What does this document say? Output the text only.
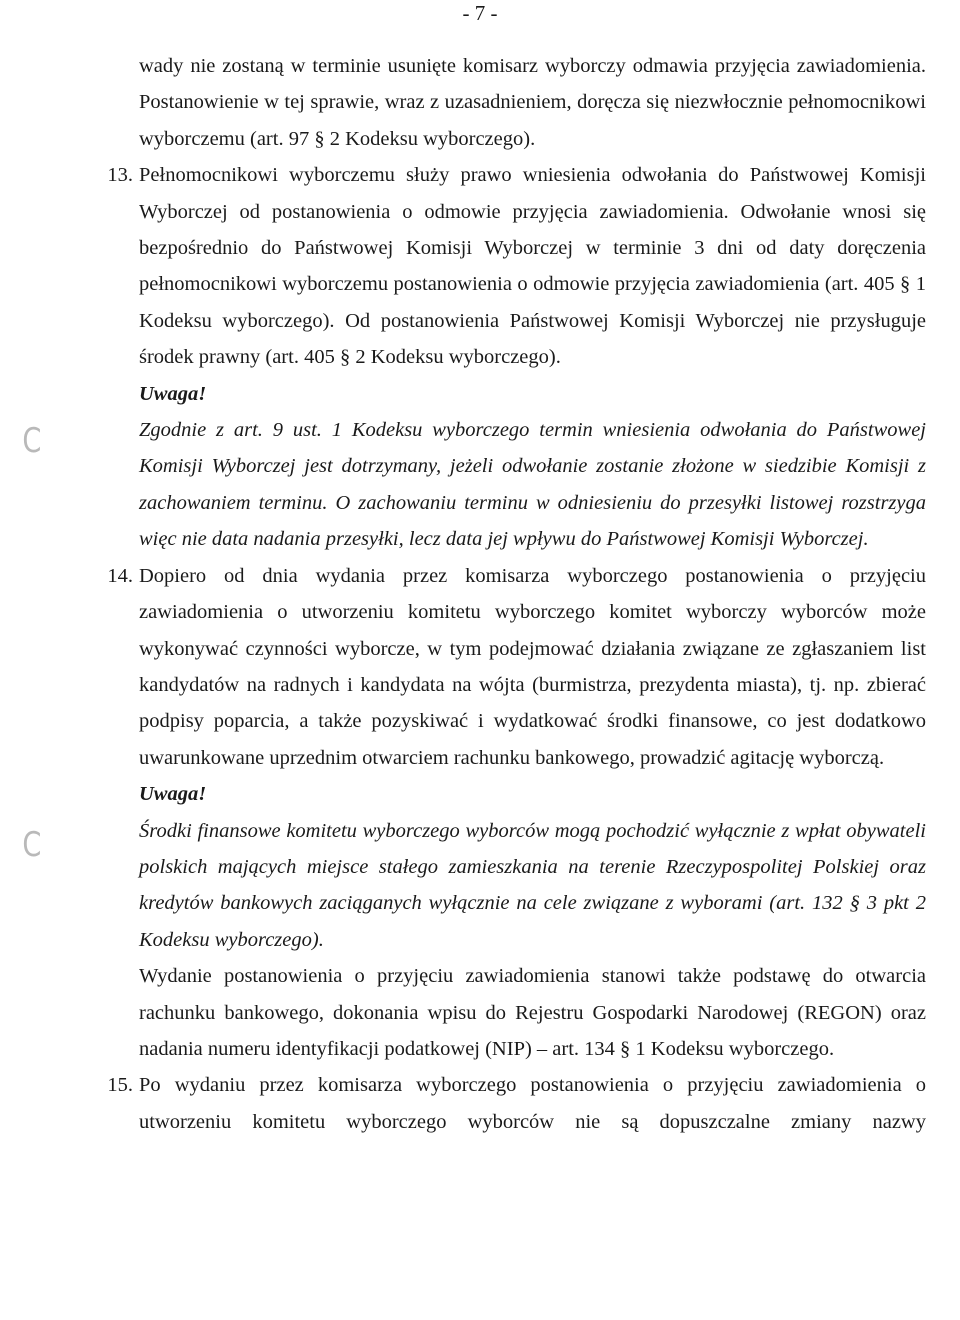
- 7 -
C
C

wady nie zostaną w terminie usunięte komisarz wyborczy odmawia przyjęcia zawiadomienia. Postanowienie w tej sprawie, wraz z uzasadnieniem, doręcza się niezwłocznie pełnomocnikowi wyborczemu (art. 97 § 2 Kodeksu wyborczego).

13. Pełnomocnikowi wyborczemu służy prawo wniesienia odwołania do Państwowej Komisji Wyborczej od postanowienia o odmowie przyjęcia zawiadomienia. Odwołanie wnosi się bezpośrednio do Państwowej Komisji Wyborczej w terminie 3 dni od daty doręczenia pełnomocnikowi wyborczemu postanowienia o odmowie przyjęcia zawiadomienia (art. 405 § 1 Kodeksu wyborczego). Od postanowienia Państwowej Komisji Wyborczej nie przysługuje środek prawny (art. 405 § 2 Kodeksu wyborczego).

Uwaga!

Zgodnie z art. 9 ust. 1 Kodeksu wyborczego termin wniesienia odwołania do Państwowej Komisji Wyborczej jest dotrzymany, jeżeli odwołanie zostanie złożone w siedzibie Komisji z zachowaniem terminu. O zachowaniu terminu w odniesieniu do przesyłki listowej rozstrzyga więc nie data nadania przesyłki, lecz data jej wpływu do Państwowej Komisji Wyborczej.

14. Dopiero od dnia wydania przez komisarza wyborczego postanowienia o przyjęciu zawiadomienia o utworzeniu komitetu wyborczego komitet wyborczy wyborców może wykonywać czynności wyborcze, w tym podejmować działania związane ze zgłaszaniem list kandydatów na radnych i kandydata na wójta (burmistrza, prezydenta miasta), tj. np. zbierać podpisy poparcia, a także pozyskiwać i wydatkować środki finansowe, co jest dodatkowo uwarunkowane uprzednim otwarciem rachunku bankowego, prowadzić agitację wyborczą.

Uwaga!

Środki finansowe komitetu wyborczego wyborców mogą pochodzić wyłącznie z wpłat obywateli polskich mających miejsce stałego zamieszkania na terenie Rzeczypospolitej Polskiej oraz kredytów bankowych zaciąganych wyłącznie na cele związane z wyborami (art. 132 § 3 pkt 2 Kodeksu wyborczego).

Wydanie postanowienia o przyjęciu zawiadomienia stanowi także podstawę do otwarcia rachunku bankowego, dokonania wpisu do Rejestru Gospodarki Narodowej (REGON) oraz nadania numeru identyfikacji podatkowej (NIP) – art. 134 § 1 Kodeksu wyborczego.

15. Po wydaniu przez komisarza wyborczego postanowienia o przyjęciu zawiadomienia o utworzeniu komitetu wyborczego wyborców nie są dopuszczalne zmiany nazwy
